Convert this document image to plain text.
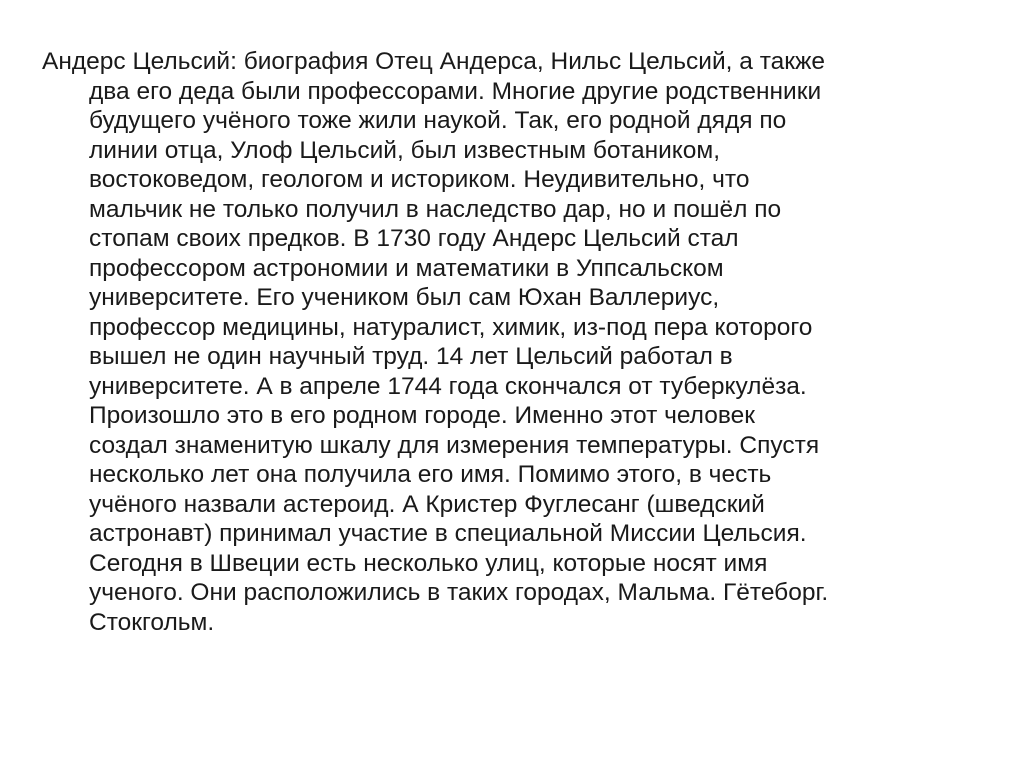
Андерс Цельсий: биография Отец Андерса, Нильс Цельсий, а также
два его деда были профессорами. Многие другие родственники
будущего учёного тоже жили наукой. Так, его родной дядя по
линии отца, Улоф Цельсий, был известным ботаником,
востоковедом, геологом и историком. Неудивительно, что
мальчик не только получил в наследство дар, но и пошёл по
стопам своих предков. В 1730 году Андерс Цельсий стал
профессором астрономии и математики в Уппсальском
университете. Его учеником был сам Юхан Валлериус,
профессор медицины, натуралист, химик, из-под пера которого
вышел не один научный труд. 14 лет Цельсий работал в
университете. А в апреле 1744 года скончался от туберкулёза.
Произошло это в его родном городе. Именно этот человек
создал знаменитую шкалу для измерения температуры. Спустя
несколько лет она получила его имя. Помимо этого, в честь
учёного назвали астероид. А Кристер Фуглесанг (шведский
астронавт) принимал участие в специальной Миссии Цельсия.
Сегодня в Швеции есть несколько улиц, которые носят имя
ученого. Они расположились в таких городах, Мальма. Гётеборг.
Стокгольм.
